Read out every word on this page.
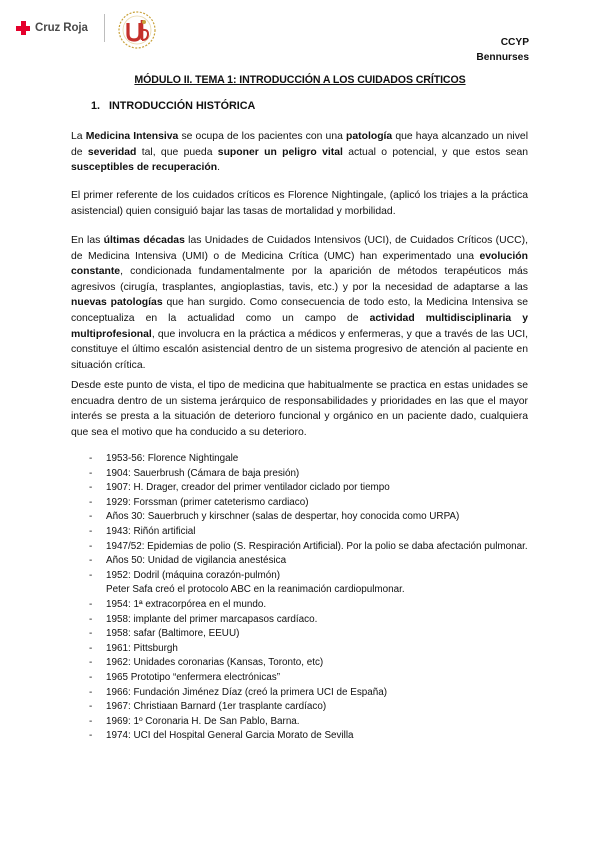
Cruz Roja
CCYP
Bennurses
MÓDULO II. TEMA 1: INTRODUCCIÓN A LOS CUIDADOS CRÍTICOS
1. INTRODUCCIÓN HISTÓRICA
La Medicina Intensiva se ocupa de los pacientes con una patología que haya alcanzado un nivel de severidad tal, que pueda suponer un peligro vital actual o potencial, y que estos sean susceptibles de recuperación.
El primer referente de los cuidados críticos es Florence Nightingale, (aplicó los triajes a la práctica asistencial) quien consiguió bajar las tasas de mortalidad y morbilidad.
En las últimas décadas las Unidades de Cuidados Intensivos (UCI), de Cuidados Críticos (UCC), de Medicina Intensiva (UMI) o de Medicina Crítica (UMC) han experimentado una evolución constante, condicionada fundamentalmente por la aparición de métodos terapéuticos más agresivos (cirugía, trasplantes, angioplastias, tavis, etc.) y por la necesidad de adaptarse a las nuevas patologías que han surgido. Como consecuencia de todo esto, la Medicina Intensiva se conceptualiza en la actualidad como un campo de actividad multidisciplinaria y multiprofesional, que involucra en la práctica a médicos y enfermeras, y que a través de las UCI, constituye el último escalón asistencial dentro de un sistema progresivo de atención al paciente en situación crítica.
Desde este punto de vista, el tipo de medicina que habitualmente se practica en estas unidades se encuadra dentro de un sistema jerárquico de responsabilidades y prioridades en las que el mayor interés se presta a la situación de deterioro funcional y orgánico en un paciente dado, cualquiera que sea el motivo que ha conducido a su deterioro.
- 1953-56: Florence Nightingale
- 1904: Sauerbrush (Cámara de baja presión)
- 1907: H. Drager, creador del primer ventilador ciclado por tiempo
- 1929: Forssman (primer cateterismo cardiaco)
- Años 30: Sauerbruch y kirschner (salas de despertar, hoy conocida como URPA)
- 1943: Riñón artificial
- 1947/52: Epidemias de polio (S. Respiración Artificial). Por la polio se daba afectación pulmonar.
- Años 50: Unidad de vigilancia anestésica
- 1952: Dodril (máquina corazón-pulmón)
Peter Safa creó el protocolo ABC en la reanimación cardiopulmonar.
- 1954: 1ª extracorpórea en el mundo.
- 1958: implante del primer marcapasos cardíaco.
- 1958: safar (Baltimore, EEUU)
- 1961: Pittsburgh
- 1962: Unidades coronarias (Kansas, Toronto, etc)
- 1965 Prototipo “enfermera electrónicas”
- 1966: Fundación Jiménez Díaz (creó la primera UCI de España)
- 1967: Christiaan Barnard (1er trasplante cardíaco)
- 1969: 1º Coronaria H. De San Pablo, Barna.
- 1974: UCI del Hospital General Garcia Morato de Sevilla
